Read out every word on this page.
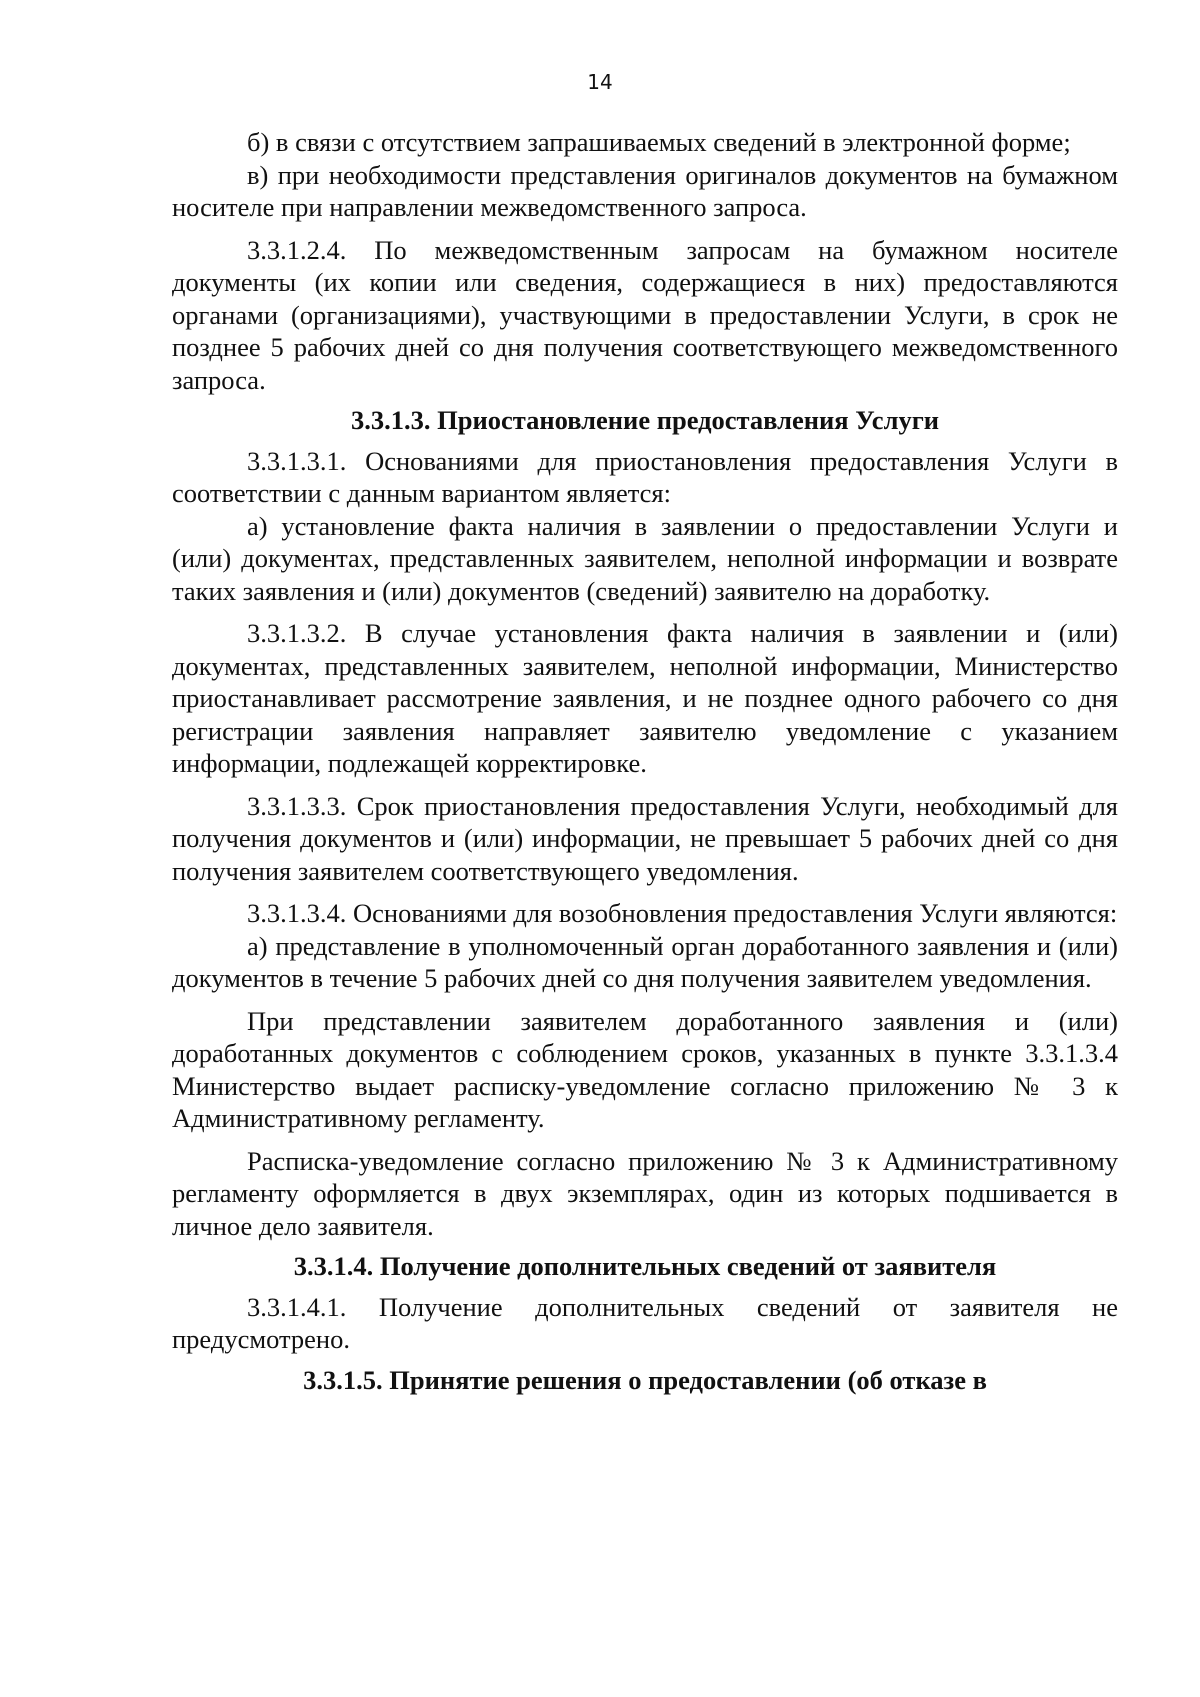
14

б) в связи с отсутствием запрашиваемых сведений в электронной форме;

в) при необходимости представления оригиналов документов на бумажном носителе при направлении межведомственного запроса.

3.3.1.2.4. По межведомственным запросам на бумажном носителе документы (их копии или сведения, содержащиеся в них) предоставляются органами (организациями), участвующими в предоставлении Услуги, в срок не позднее 5 рабочих дней со дня получения соответствующего межведомственного запроса.

3.3.1.3. Приостановление предоставления Услуги

3.3.1.3.1. Основаниями для приостановления предоставления Услуги в соответствии с данным вариантом является:

а) установление факта наличия в заявлении о предоставлении Услуги и (или) документах, представленных заявителем, неполной информации и возврате таких заявления и (или) документов (сведений) заявителю на доработку.

3.3.1.3.2. В случае установления факта наличия в заявлении и (или) документах, представленных заявителем, неполной информации, Министерство приостанавливает рассмотрение заявления, и не позднее одного рабочего со дня регистрации заявления направляет заявителю уведомление с указанием информации, подлежащей корректировке.

3.3.1.3.3. Срок приостановления предоставления Услуги, необходимый для получения документов и (или) информации, не превышает 5 рабочих дней со дня получения заявителем соответствующего уведомления.

3.3.1.3.4. Основаниями для возобновления предоставления Услуги являются:

а) представление в уполномоченный орган доработанного заявления и (или) документов в течение 5 рабочих дней со дня получения заявителем уведомления.

При представлении заявителем доработанного заявления и (или) доработанных документов с соблюдением сроков, указанных в пункте 3.3.1.3.4 Министерство выдает расписку-уведомление согласно приложению № 3 к Административному регламенту.

Расписка-уведомление согласно приложению № 3 к Административному регламенту оформляется в двух экземплярах, один из которых подшивается в личное дело заявителя.

3.3.1.4. Получение дополнительных сведений от заявителя

3.3.1.4.1. Получение дополнительных сведений от заявителя не предусмотрено.

3.3.1.5. Принятие решения о предоставлении (об отказе в
